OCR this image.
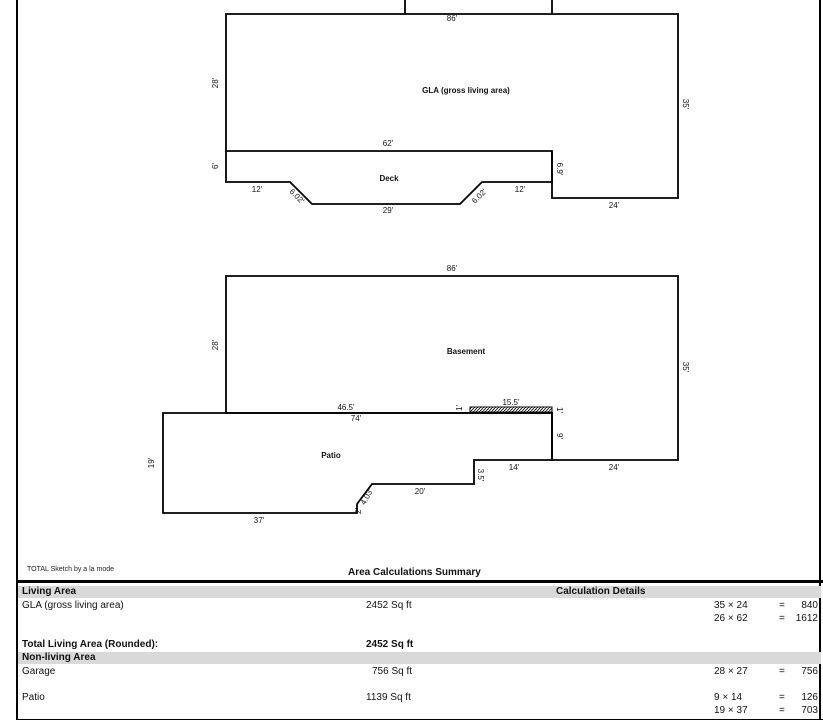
GLA (gross living area)
Deck
86'
28'
35'
62'
6'
12'	6.02'
29'
6.02'	12'
6.9'
24'
Basement
Patio
86'
28'
35'
46.5'
74'
15.5'
1'	1'
9'
19'
3.5'
14'	24'
20'
4.03'
2'
37'
TOTAL Sketch by a la mode	Area Calculations Summary
Living Area	Calculation Details
GLA (gross living area)	2452 Sq ft	35 × 24	= 840
26 × 62	= 1612
Total Living Area (Rounded):	2452 Sq ft
Non-living Area
Garage	756 Sq ft	28 × 27	= 756
Patio	1139 Sq ft	9 × 14	= 126
19 × 37	= 703
